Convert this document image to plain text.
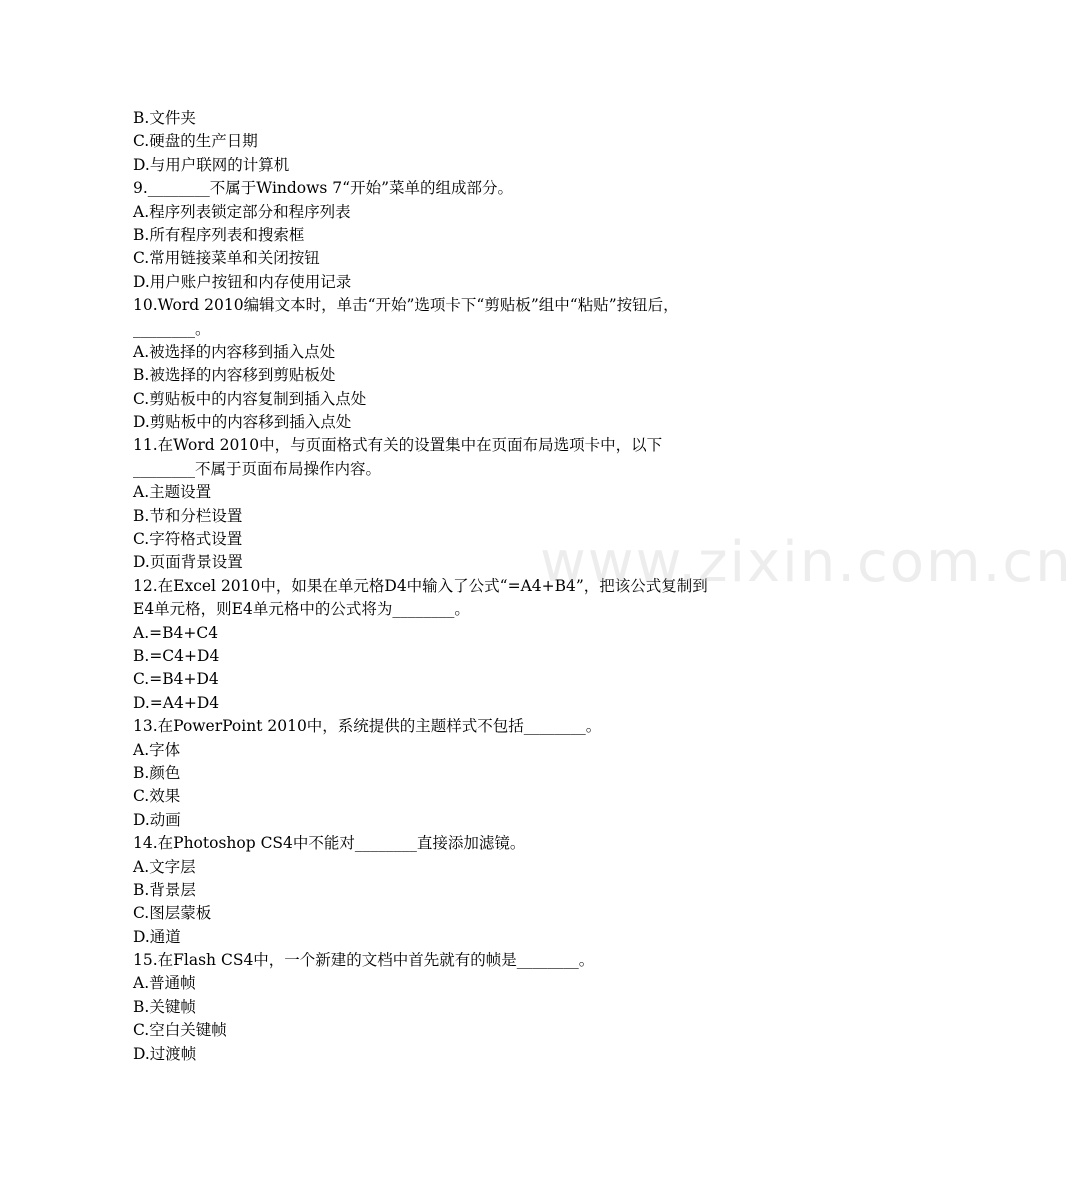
B.文件夹
C.硬盘的生产日期
D.与用户联网的计算机
9.________不属于Windows 7“开始”菜单的组成部分。
A.程序列表锁定部分和程序列表
B.所有程序列表和搜索框
C.常用链接菜单和关闭按钮
D.用户账户按钮和内存使用记录
10.Word 2010编辑文本时，单击“开始”选项卡下“剪贴板”组中“粘贴”按钮后，
________。
A.被选择的内容移到插入点处
B.被选择的内容移到剪贴板处
C.剪贴板中的内容复制到插入点处
D.剪贴板中的内容移到插入点处
11.在Word 2010中，与页面格式有关的设置集中在页面布局选项卡中，以下
________不属于页面布局操作内容。
A.主题设置
B.节和分栏设置
C.字符格式设置
D.页面背景设置
12.在Excel 2010中，如果在单元格D4中输入了公式“=A4+B4”，把该公式复制到
E4单元格，则E4单元格中的公式将为________。
A.=B4+C4
B.=C4+D4
C.=B4+D4
D.=A4+D4
13.在PowerPoint 2010中，系统提供的主题样式不包括________。
A.字体
B.颜色
C.效果
D.动画
14.在Photoshop CS4中不能对________直接添加滤镜。
A.文字层
B.背景层
C.图层蒙板
D.通道
15.在Flash CS4中，一个新建的文档中首先就有的帧是________。
A.普通帧
B.关键帧
C.空白关键帧
D.过渡帧
www.zixin.com.cn
